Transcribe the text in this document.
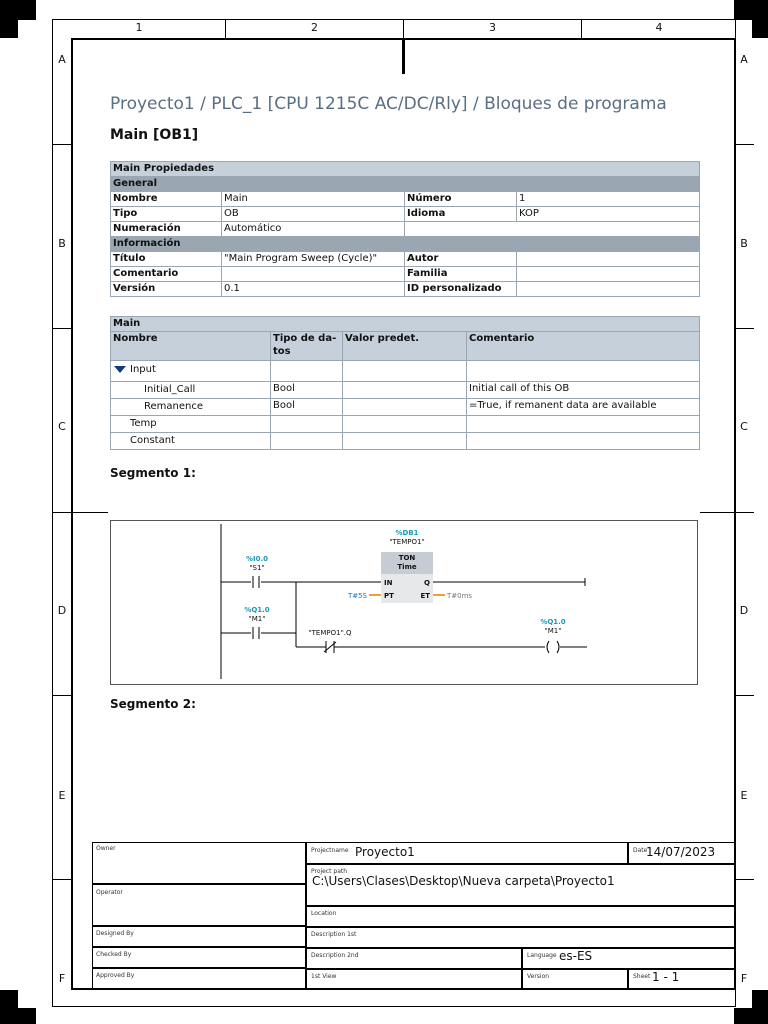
1	2	3	4
A
B
C
D
E
F
A
B
C
D
E
F
Proyecto1 / PLC_1 [CPU 1215C AC/DC/Rly] / Bloques de programa
Main [OB1]
Main Propiedades			
General			
Nombre	Main	Número	1
Tipo	OB	Idioma	KOP
Numeración	Automático		
Información			
Título	"Main Program Sweep (Cycle)"	Autor	
Comentario		Familia	
Versión	0.1	ID personalizado	
Main			
Nombre	Tipo de da-tos	Valor predet.	Comentario
Input			
Initial_Call	Bool		Initial call of this OB
Remanence	Bool		=True, if remanent data are available
Temp			
Constant			
Segmento 1:
%DB1
"TEMPO1"
TON
Time
IN
PT
Q
ET
T#5S	T#0ms
%I0.0
"S1"
%Q1.0
"M1"
"TEMPO1".Q
%Q1.0
"M1"
Segmento 2:
Owner
Operator
Designed By
Checked By
Approved By
Projectname Proyecto1	Date
14/07/2023
Project path
C:\Users\Clases\Desktop\Nueva carpeta\Proyecto1
Location
Description 1st
Description 2nd	Language es-ES
1st View	Version	Sheet 1 - 1
